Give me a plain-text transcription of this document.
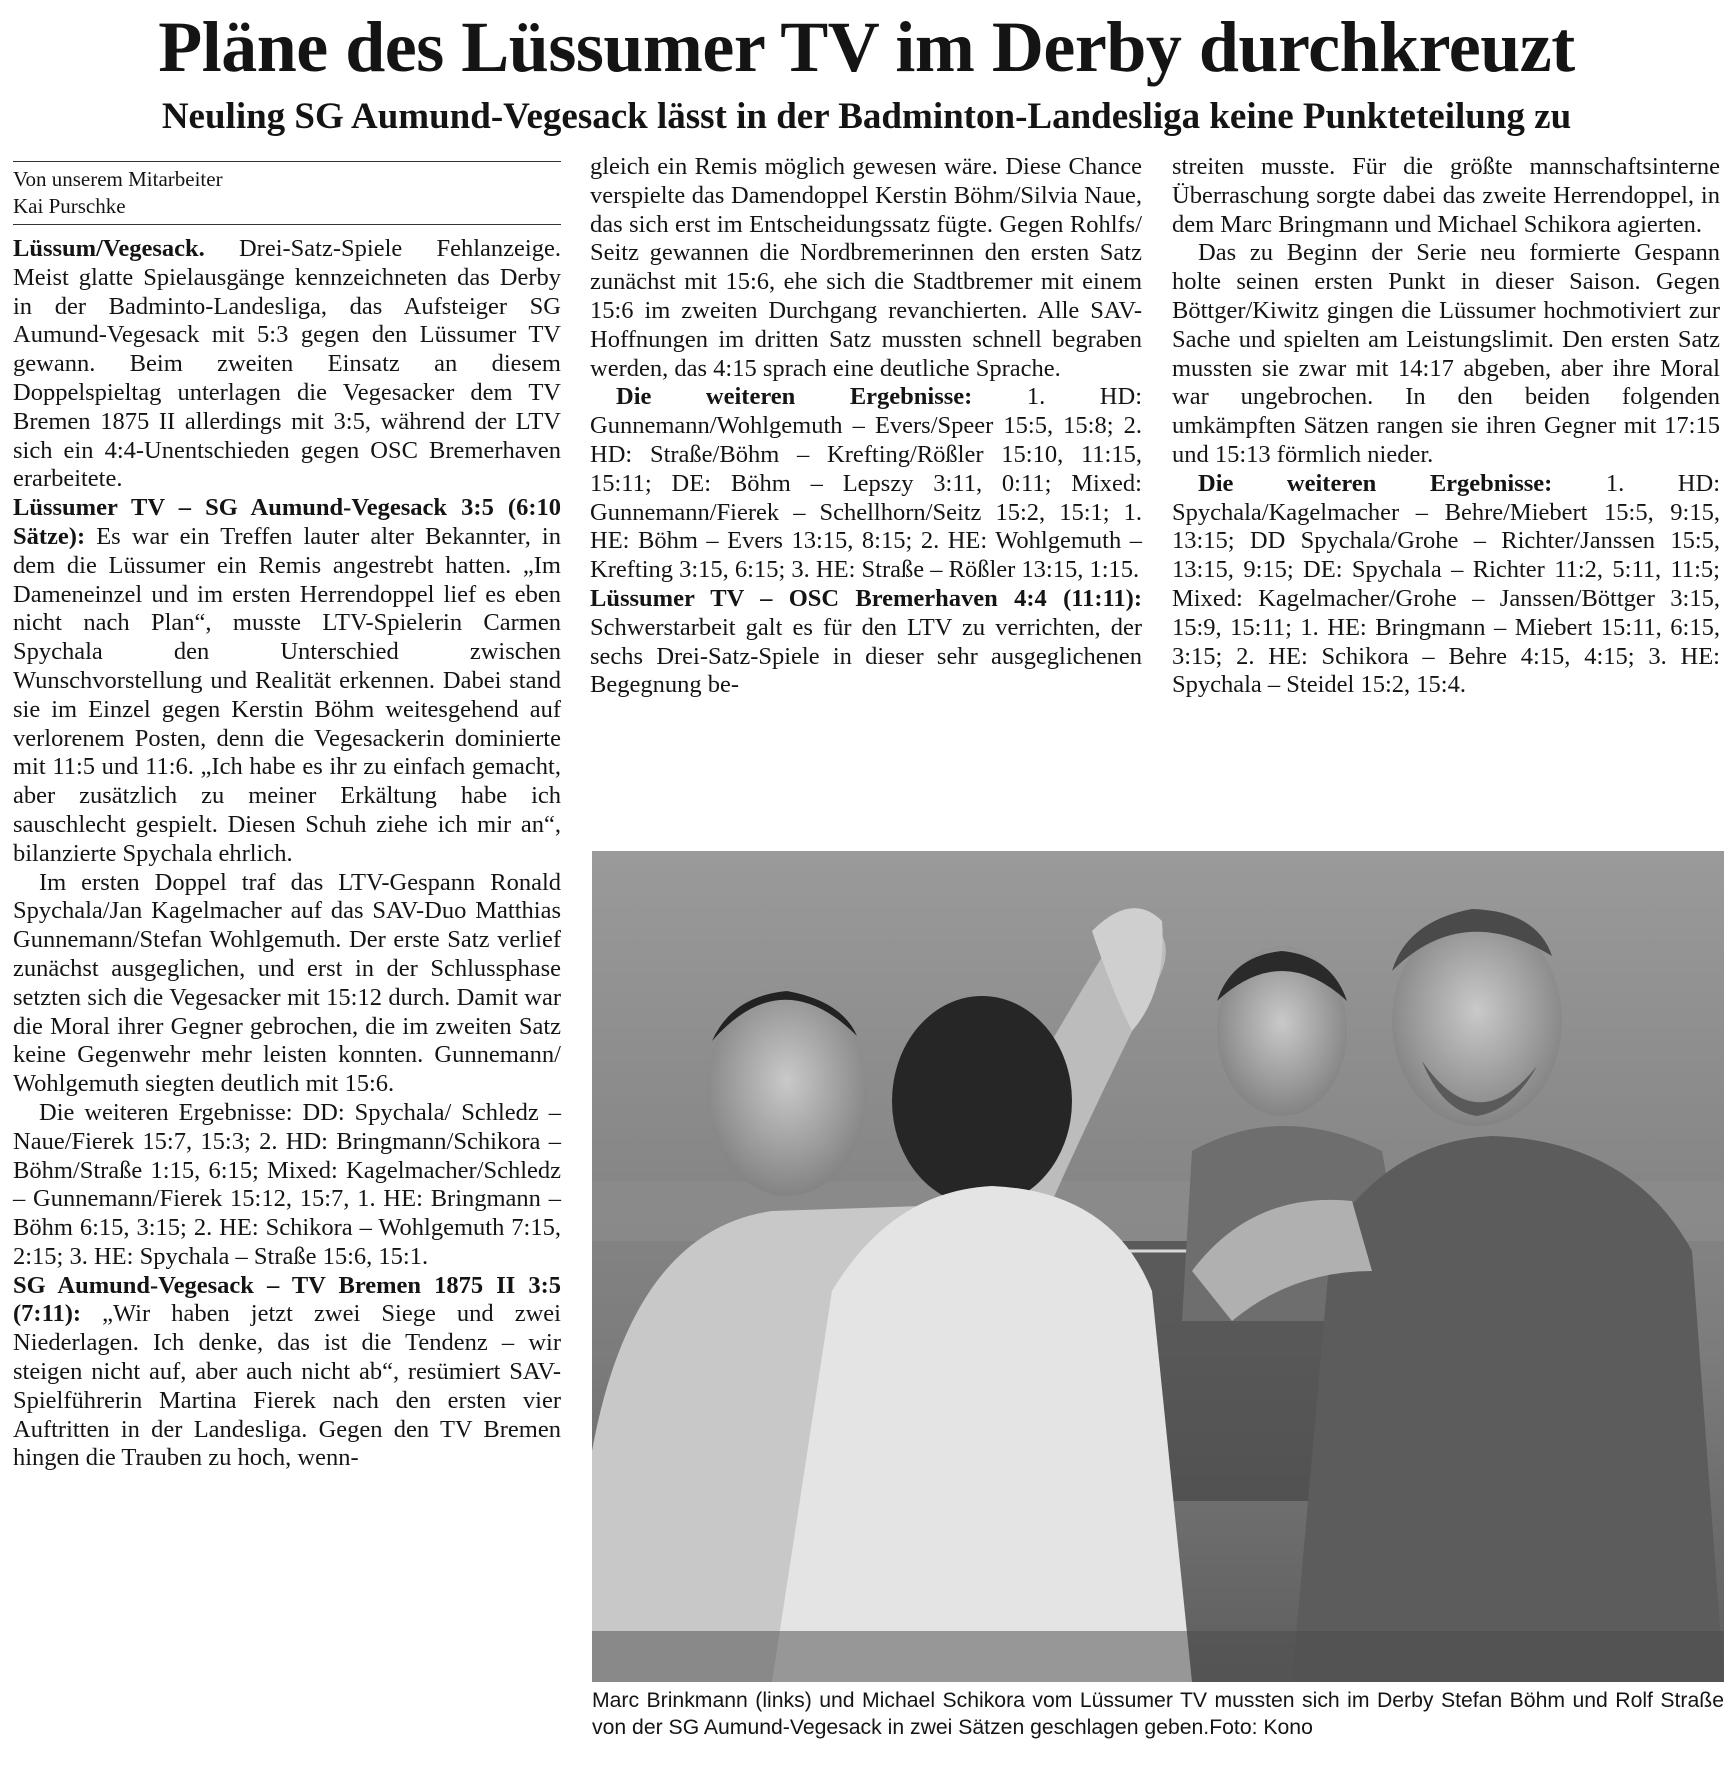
Pläne des Lüssumer TV im Derby durchkreuzt
Neuling SG Aumund-Vegesack lässt in der Badminton-Landesliga keine Punkteteilung zu
Von unserem Mitarbeiter
Kai Purschke

Lüssum/Vegesack. Drei-Satz-Spiele Fehlanzeige. Meist glatte Spielausgänge kennzeichneten das Derby in der Badminto-Landesliga, das Aufsteiger SG Aumund-Vegesack mit 5:3 gegen den Lüssumer TV gewann. Beim zweiten Einsatz an diesem Doppelspieltag unterlagen die Vegesacker dem TV Bremen 1875 II allerdings mit 3:5, während der LTV sich ein 4:4-Unentschieden gegen OSC Bremerhaven erarbeitete.

Lüssumer TV – SG Aumund-Vegesack 3:5 (6:10 Sätze): Es war ein Treffen lauter alter Bekannter, in dem die Lüssumer ein Remis angestrebt hatten. „Im Dameneinzel und im ersten Herrendoppel lief es eben nicht nach Plan“, musste LTV-Spielerin Carmen Spychala den Unterschied zwischen Wunschvorstellung und Realität erkennen. Dabei stand sie im Einzel gegen Kerstin Böhm weitesgehend auf verlorenem Posten, denn die Vegesackerin dominierte mit 11:5 und 11:6. „Ich habe es ihr zu einfach gemacht, aber zusätzlich zu meiner Erkältung habe ich sauschlecht gespielt. Diesen Schuh ziehe ich mir an“, bilanzierte Spychala ehrlich.

Im ersten Doppel traf das LTV-Gespann Ronald Spychala/Jan Kagelmacher auf das SAV-Duo Matthias Gunnemann/Stefan Wohlgemuth. Der erste Satz verlief zunächst ausgeglichen, und erst in der Schlussphase setzten sich die Vegesacker mit 15:12 durch. Damit war die Moral ihrer Gegner gebrochen, die im zweiten Satz keine Gegenwehr mehr leisten konnten. Gunnemann/ Wohlgemuth siegten deutlich mit 15:6.

Die weiteren Ergebnisse: DD: Spychala/ Schledz – Naue/Fierek 15:7, 15:3; 2. HD: Bringmann/Schikora – Böhm/Straße 1:15, 6:15; Mixed: Kagelmacher/Schledz – Gunnemann/Fierek 15:12, 15:7, 1. HE: Bringmann – Böhm 6:15, 3:15; 2. HE: Schikora – Wohlgemuth 7:15, 2:15; 3. HE: Spychala – Straße 15:6, 15:1.

SG Aumund-Vegesack – TV Bremen 1875 II 3:5 (7:11): „Wir haben jetzt zwei Siege und zwei Niederlagen. Ich denke, das ist die Tendenz – wir steigen nicht auf, aber auch nicht ab“, resümiert SAV-Spielführerin Martina Fierek nach den ersten vier Auftritten in der Landesliga. Gegen den TV Bremen hingen die Trauben zu hoch, wenn-

gleich ein Remis möglich gewesen wäre. Diese Chance verspielte das Damendoppel Kerstin Böhm/Silvia Naue, das sich erst im Entscheidungssatz fügte. Gegen Rohlfs/ Seitz gewannen die Nordbremerinnen den ersten Satz zunächst mit 15:6, ehe sich die Stadtbremer mit einem 15:6 im zweiten Durchgang revanchierten. Alle SAV-Hoffnungen im dritten Satz mussten schnell begraben werden, das 4:15 sprach eine deutliche Sprache.

Die weiteren Ergebnisse: 1. HD: Gunnemann/Wohlgemuth – Evers/Speer 15:5, 15:8; 2. HD: Straße/Böhm – Krefting/Rößler 15:10, 11:15, 15:11; DE: Böhm – Lepszy 3:11, 0:11; Mixed: Gunnemann/Fierek – Schellhorn/Seitz 15:2, 15:1; 1. HE: Böhm – Evers 13:15, 8:15; 2. HE: Wohlgemuth – Krefting 3:15, 6:15; 3. HE: Straße – Rößler 13:15, 1:15.

Lüssumer TV – OSC Bremerhaven 4:4 (11:11): Schwerstarbeit galt es für den LTV zu verrichten, der sechs Drei-Satz-Spiele in dieser sehr ausgeglichenen Begegnung be-

streiten musste. Für die größte mannschaftsinterne Überraschung sorgte dabei das zweite Herrendoppel, in dem Marc Bringmann und Michael Schikora agierten.

Das zu Beginn der Serie neu formierte Gespann holte seinen ersten Punkt in dieser Saison. Gegen Böttger/Kiwitz gingen die Lüssumer hochmotiviert zur Sache und spielten am Leistungslimit. Den ersten Satz mussten sie zwar mit 14:17 abgeben, aber ihre Moral war ungebrochen. In den beiden folgenden umkämpften Sätzen rangen sie ihren Gegner mit 17:15 und 15:13 förmlich nieder.

Die weiteren Ergebnisse: 1. HD: Spychala/Kagelmacher – Behre/Miebert 15:5, 9:15, 13:15; DD Spychala/Grohe – Richter/Janssen 15:5, 13:15, 9:15; DE: Spychala – Richter 11:2, 5:11, 11:5; Mixed: Kagelmacher/Grohe – Janssen/Böttger 3:15, 15:9, 15:11; 1. HE: Bringmann – Miebert 15:11, 6:15, 3:15; 2. HE: Schikora – Behre 4:15, 4:15; 3. HE: Spychala – Steidel 15:2, 15:4.

Marc Brinkmann (links) und Michael Schikora vom Lüssumer TV mussten sich im Derby Stefan Böhm und Rolf Straße von der SG Aumund-Vegesack in zwei Sätzen geschlagen geben.Foto: Kono
